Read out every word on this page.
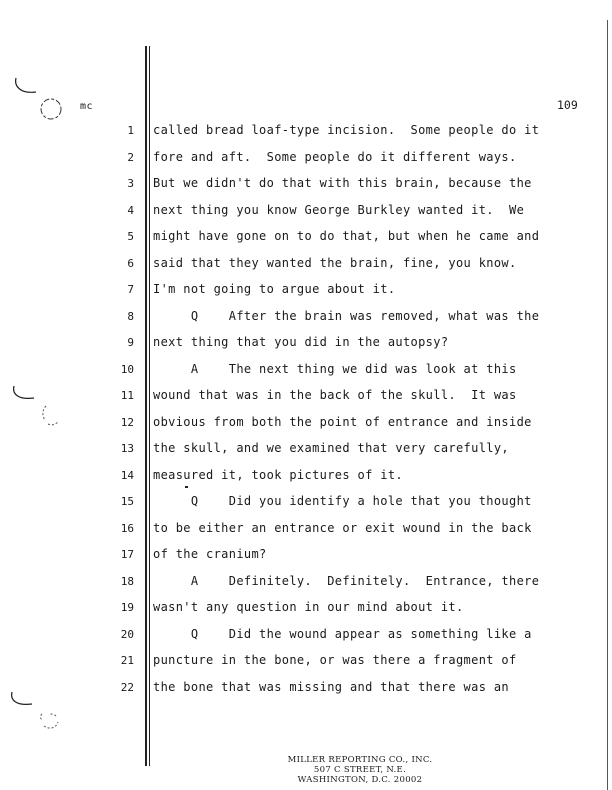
mc	109
1 called bread loaf-type incision.  Some people do it
2 fore and aft.  Some people do it different ways.
3 But we didn't do that with this brain, because the
4 next thing you know George Burkley wanted it.  We
5 might have gone on to do that, but when he came and
6 said that they wanted the brain, fine, you know.
7 I'm not going to argue about it.
8 Q    After the brain was removed, what was the
9 next thing that you did in the autopsy?
10 A    The next thing we did was look at this
11 wound that was in the back of the skull.  It was
12 obvious from both the point of entrance and inside
13 the skull, and we examined that very carefully,
14 measured it, took pictures of it.
15 Q    Did you identify a hole that you thought
16 to be either an entrance or exit wound in the back
17 of the cranium?
18 A    Definitely.  Definitely.  Entrance, there
19 wasn't any question in our mind about it.
20 Q    Did the wound appear as something like a
21 puncture in the bone, or was there a fragment of
22 the bone that was missing and that there was an
MILLER REPORTING CO., INC.
507 C STREET, N.E.
WASHINGTON, D.C. 20002
